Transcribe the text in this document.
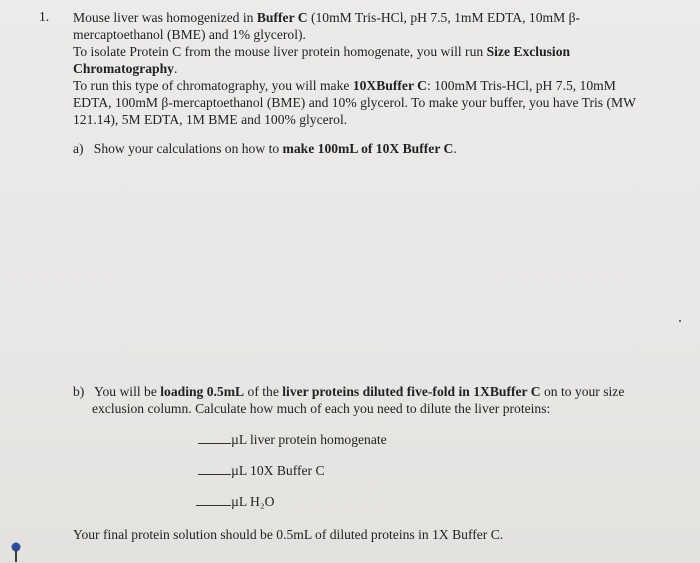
1. Mouse liver was homogenized in Buffer C (10mM Tris-HCl, pH 7.5, 1mM EDTA, 10mM β-
mercaptoethanol (BME) and 1% glycerol).
To isolate Protein C from the mouse liver protein homogenate, you will run Size Exclusion
Chromatography.
To run this type of chromatography, you will make 10XBuffer C: 100mM Tris-HCl, pH 7.5, 10mM
EDTA, 100mM β-mercaptoethanol (BME) and 10% glycerol. To make your buffer, you have Tris (MW
121.14), 5M EDTA, 1M BME and 100% glycerol.
a) Show your calculations on how to make 100mL of 10X Buffer C.
b) You will be loading 0.5mL of the liver proteins diluted five-fold in 1XBuffer C on to your size
exclusion column. Calculate how much of each you need to dilute the liver proteins:
µL liver protein homogenate
µL 10X Buffer C
µL H₂O
Your final protein solution should be 0.5mL of diluted proteins in 1X Buffer C.
